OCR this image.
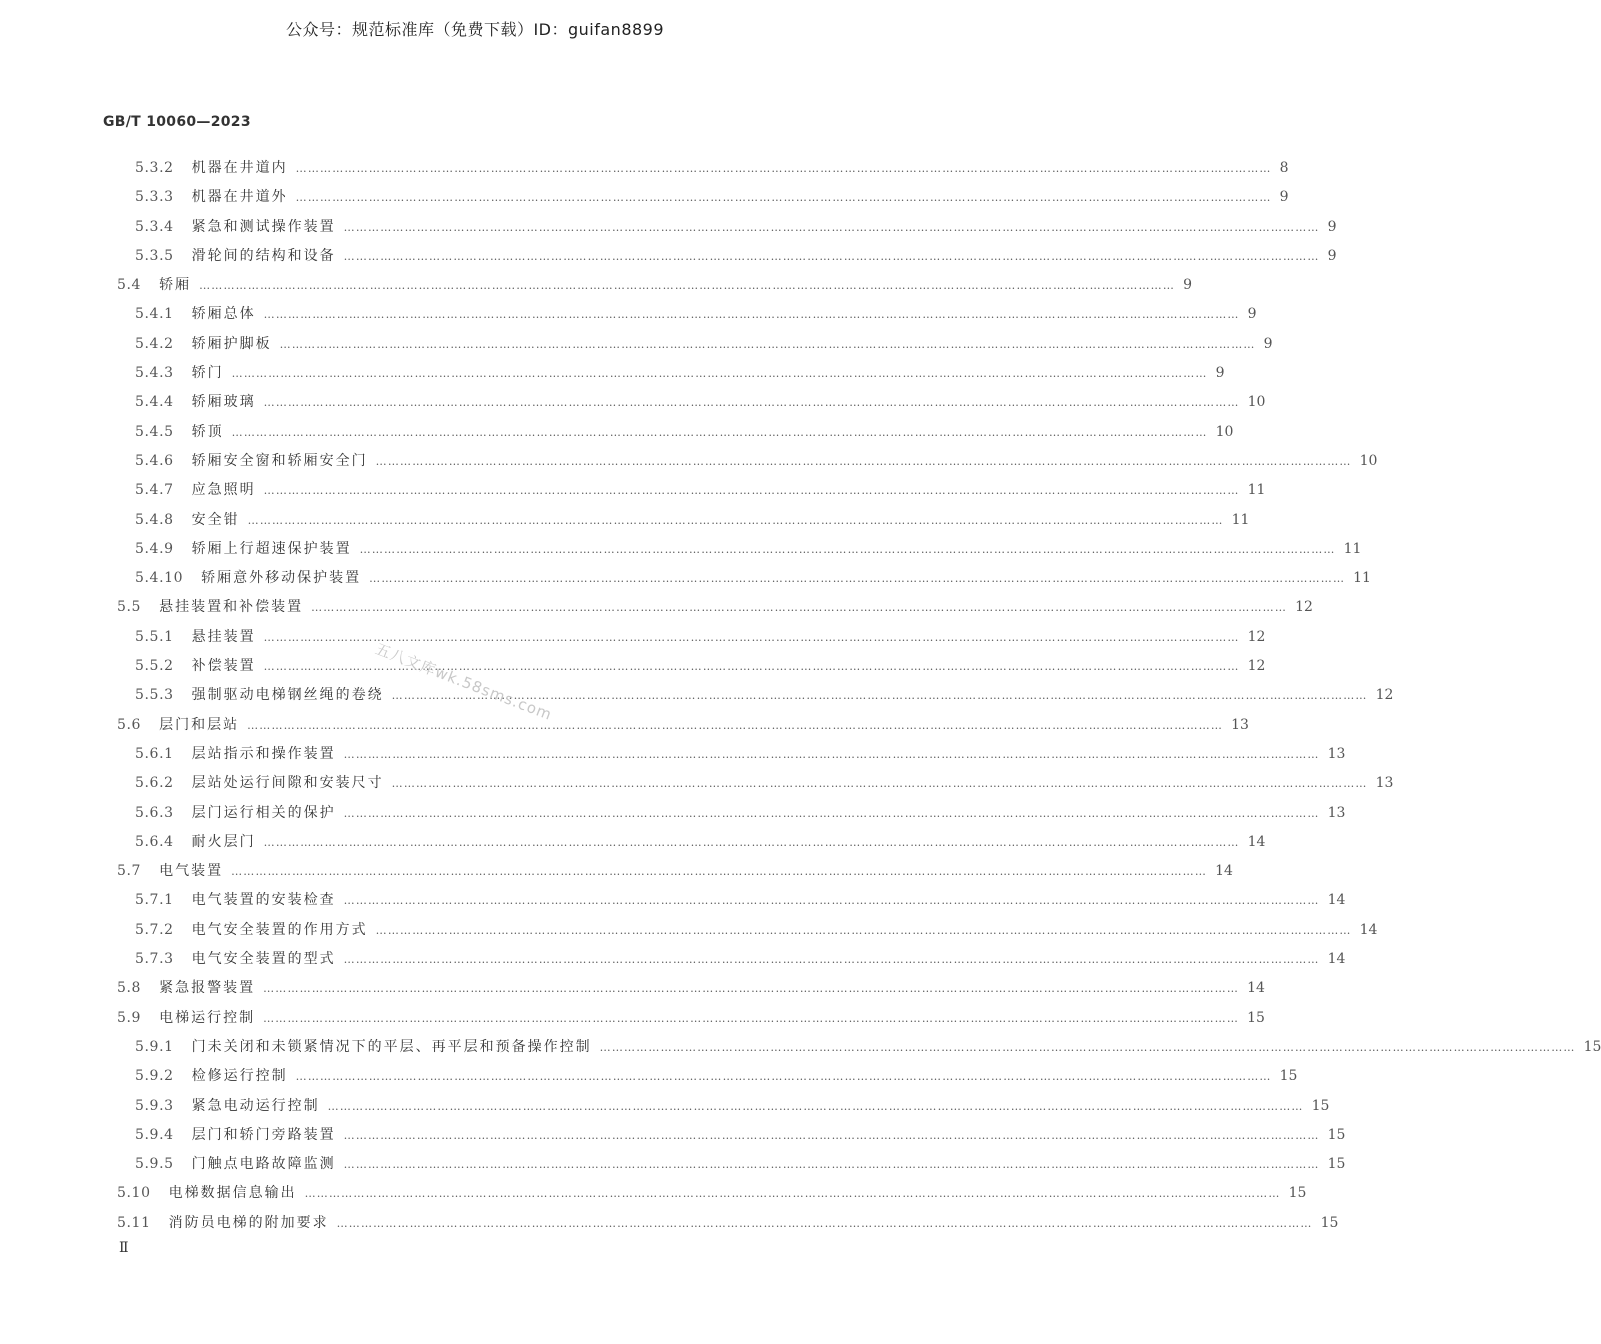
公众号：规范标准库（免费下载）ID：guifan8899
GB/T 10060—2023
5.3.2 机器在井道内 …………………………………………………………………………………………………………………………………………………………………………………………………………………… 8
5.3.3 机器在井道外 …………………………………………………………………………………………………………………………………………………………………………………………………………………… 9
5.3.4 紧急和测试操作装置 …………………………………………………………………………………………………………………………………………………………………………………………………………………… 9
5.3.5 滑轮间的结构和设备 …………………………………………………………………………………………………………………………………………………………………………………………………………………… 9
5.4 轿厢 …………………………………………………………………………………………………………………………………………………………………………………………………………………… 9
5.4.1 轿厢总体 …………………………………………………………………………………………………………………………………………………………………………………………………………………… 9
5.4.2 轿厢护脚板 …………………………………………………………………………………………………………………………………………………………………………………………………………………… 9
5.4.3 轿门 …………………………………………………………………………………………………………………………………………………………………………………………………………………… 9
5.4.4 轿厢玻璃 …………………………………………………………………………………………………………………………………………………………………………………………………………………… 10
5.4.5 轿顶 …………………………………………………………………………………………………………………………………………………………………………………………………………………… 10
5.4.6 轿厢安全窗和轿厢安全门 …………………………………………………………………………………………………………………………………………………………………………………………………………………… 10
5.4.7 应急照明 …………………………………………………………………………………………………………………………………………………………………………………………………………………… 11
5.4.8 安全钳 …………………………………………………………………………………………………………………………………………………………………………………………………………………… 11
5.4.9 轿厢上行超速保护装置 …………………………………………………………………………………………………………………………………………………………………………………………………………………… 11
5.4.10 轿厢意外移动保护装置 …………………………………………………………………………………………………………………………………………………………………………………………………………………… 11
5.5 悬挂装置和补偿装置 …………………………………………………………………………………………………………………………………………………………………………………………………………………… 12
5.5.1 悬挂装置 …………………………………………………………………………………………………………………………………………………………………………………………………………………… 12
5.5.2 补偿装置 …………………………………………………………………………………………………………………………………………………………………………………………………………………… 12
5.5.3 强制驱动电梯钢丝绳的卷绕 …………………………………………………………………………………………………………………………………………………………………………………………………………………… 12
5.6 层门和层站 …………………………………………………………………………………………………………………………………………………………………………………………………………………… 13
5.6.1 层站指示和操作装置 …………………………………………………………………………………………………………………………………………………………………………………………………………………… 13
5.6.2 层站处运行间隙和安装尺寸 …………………………………………………………………………………………………………………………………………………………………………………………………………………… 13
5.6.3 层门运行相关的保护 …………………………………………………………………………………………………………………………………………………………………………………………………………………… 13
5.6.4 耐火层门 …………………………………………………………………………………………………………………………………………………………………………………………………………………… 14
5.7 电气装置 …………………………………………………………………………………………………………………………………………………………………………………………………………………… 14
5.7.1 电气装置的安装检查 …………………………………………………………………………………………………………………………………………………………………………………………………………………… 14
5.7.2 电气安全装置的作用方式 …………………………………………………………………………………………………………………………………………………………………………………………………………………… 14
5.7.3 电气安全装置的型式 …………………………………………………………………………………………………………………………………………………………………………………………………………………… 14
5.8 紧急报警装置 …………………………………………………………………………………………………………………………………………………………………………………………………………………… 14
5.9 电梯运行控制 …………………………………………………………………………………………………………………………………………………………………………………………………………………… 15
5.9.1 门未关闭和未锁紧情况下的平层、再平层和预备操作控制 …………………………………………………………………………………………………………………………………………………………………………………………………………………… 15
5.9.2 检修运行控制 …………………………………………………………………………………………………………………………………………………………………………………………………………………… 15
5.9.3 紧急电动运行控制 …………………………………………………………………………………………………………………………………………………………………………………………………………………… 15
5.9.4 层门和轿门旁路装置 …………………………………………………………………………………………………………………………………………………………………………………………………………………… 15
5.9.5 门触点电路故障监测 …………………………………………………………………………………………………………………………………………………………………………………………………………………… 15
5.10 电梯数据信息输出 …………………………………………………………………………………………………………………………………………………………………………………………………………………… 15
5.11 消防员电梯的附加要求 …………………………………………………………………………………………………………………………………………………………………………………………………………………… 15
五八文库wk.58sms.com
Ⅱ
